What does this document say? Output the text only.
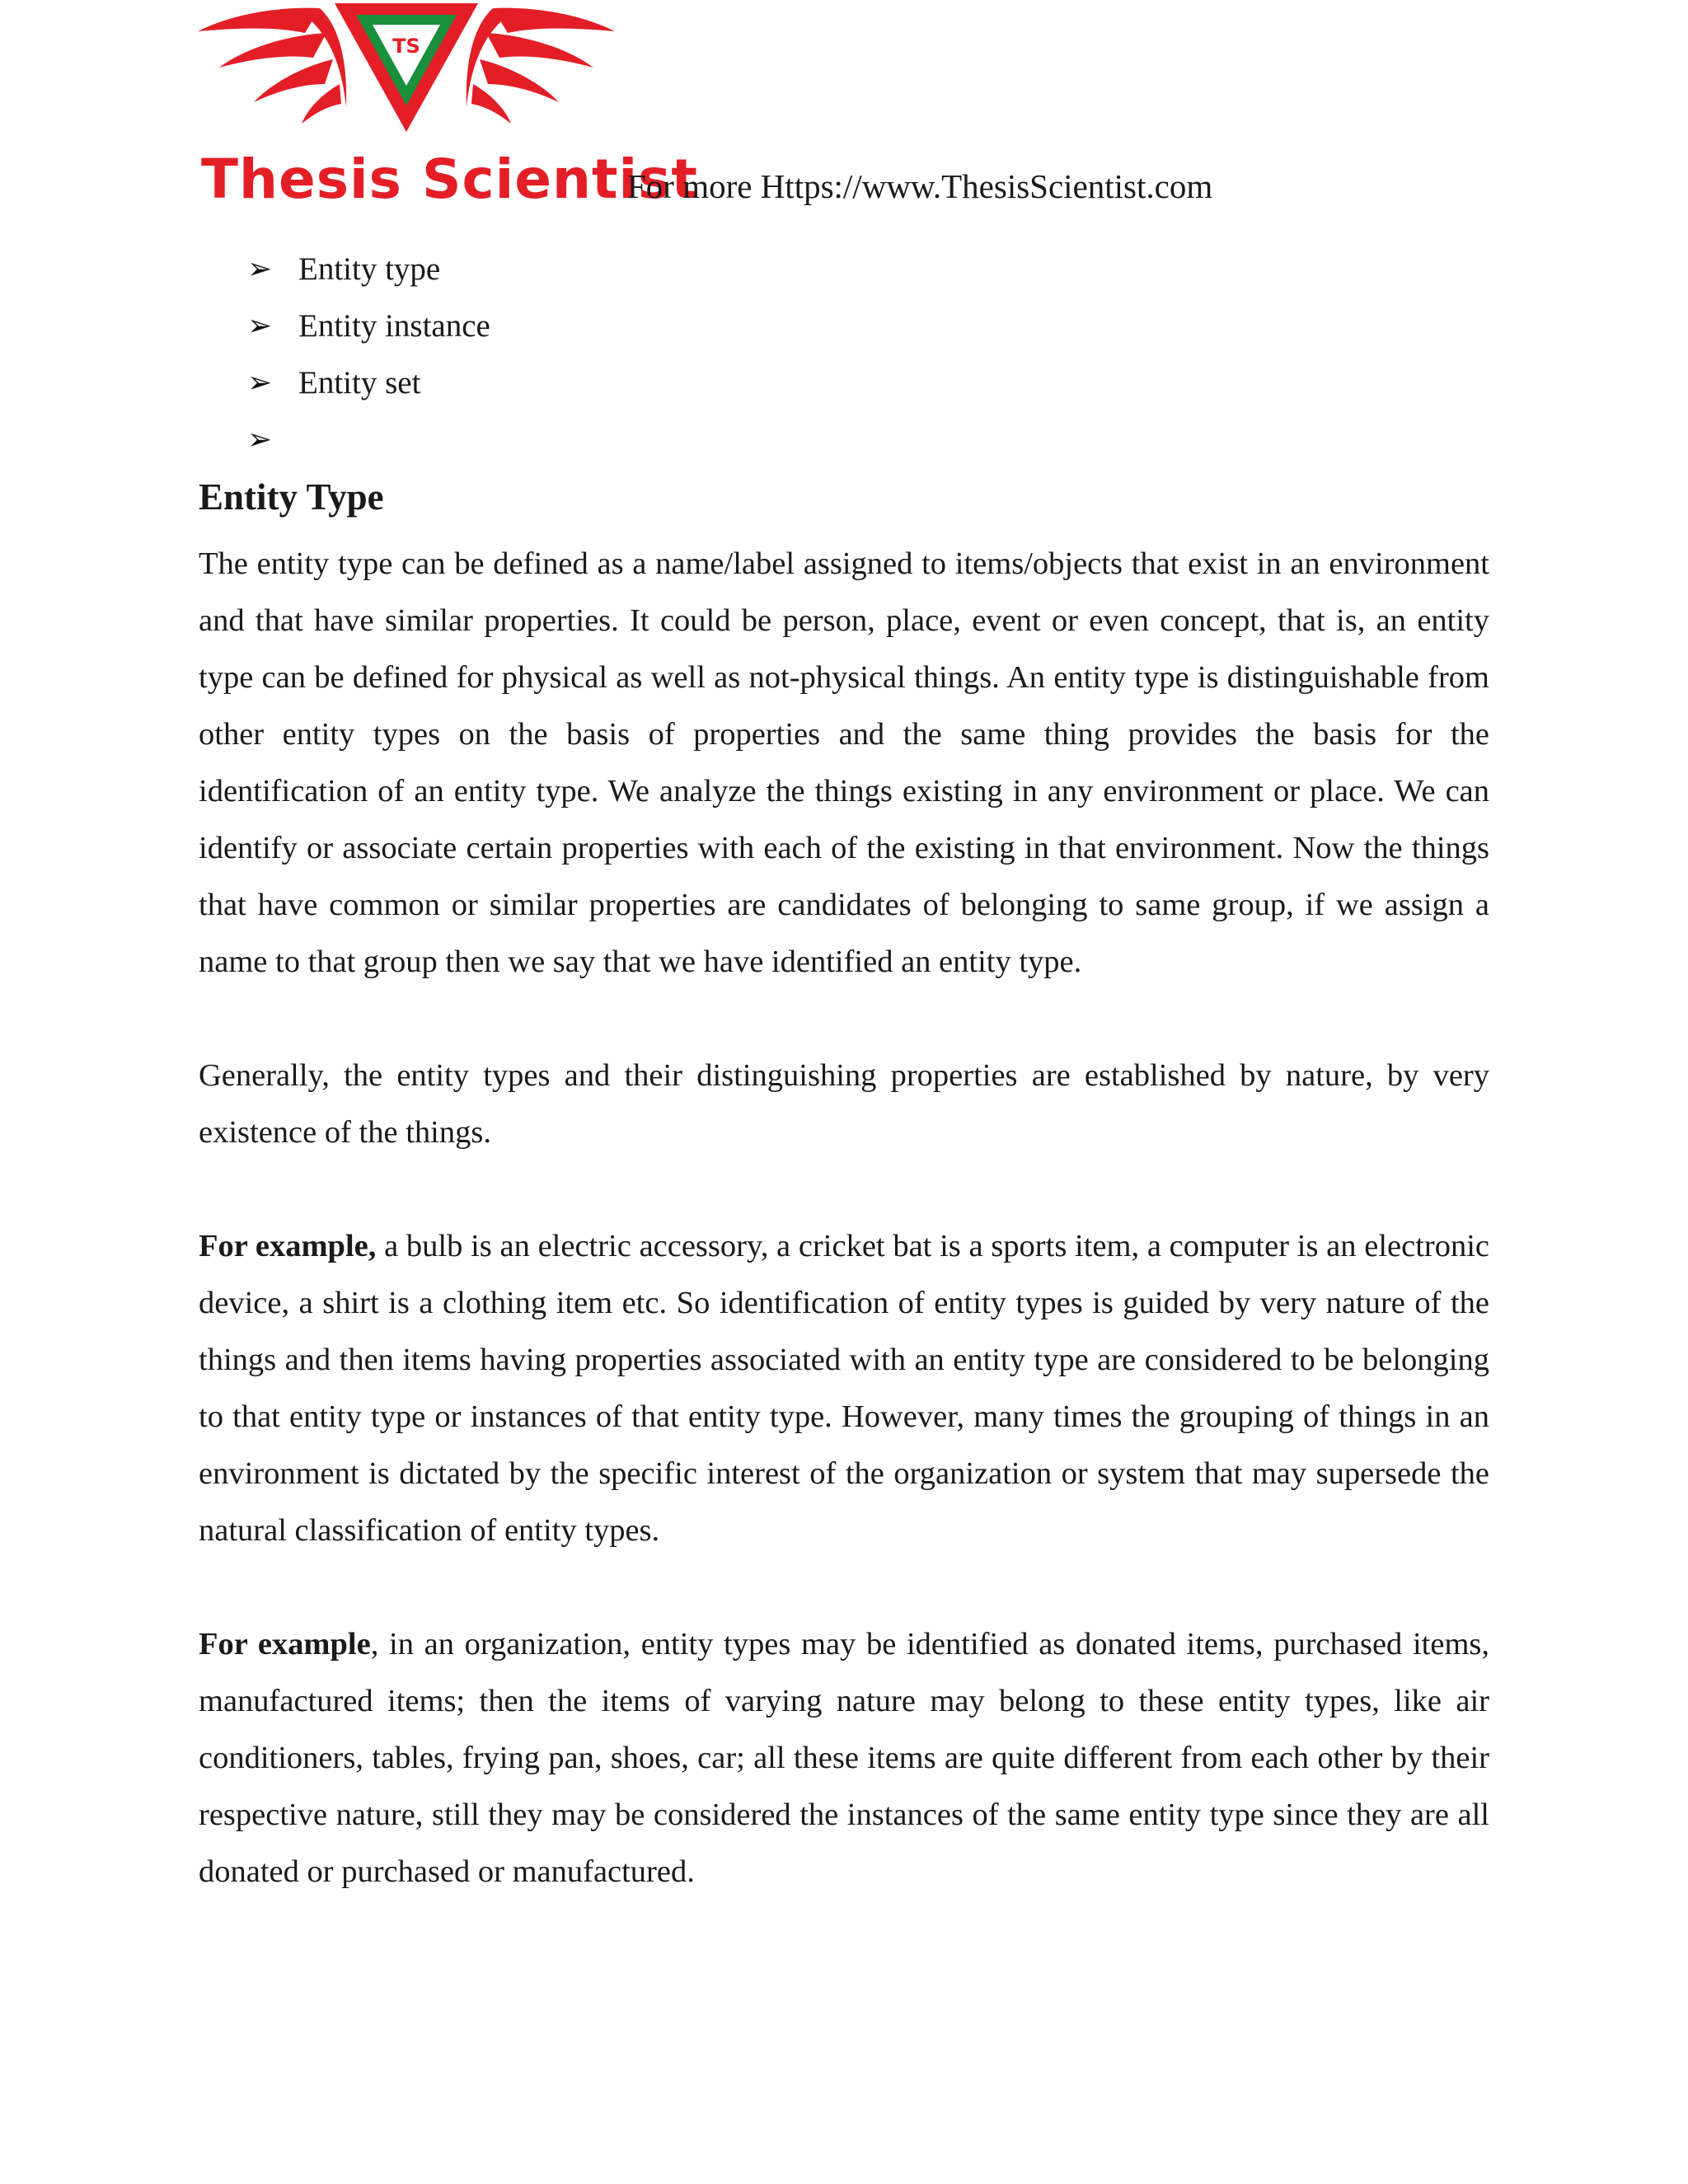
TS
Thesis Scientist
For more Https://www.ThesisScientist.com
➢ Entity type
➢ Entity instance
➢ Entity set
➢
Entity Type

The entity type can be defined as a name/label assigned to items/objects that exist in an environment and that have similar properties. It could be person, place, event or even concept, that is, an entity type can be defined for physical as well as not-physical things. An entity type is distinguishable from other entity types on the basis of properties and the same thing provides the basis for the identification of an entity type. We analyze the things existing in any environment or place. We can identify or associate certain properties with each of the existing in that environment. Now the things that have common or similar properties are candidates of belonging to same group, if we assign a name to that group then we say that we have identified an entity type.

Generally, the entity types and their distinguishing properties are established by nature, by very existence of the things.

For example, a bulb is an electric accessory, a cricket bat is a sports item, a computer is an electronic device, a shirt is a clothing item etc. So identification of entity types is guided by very nature of the things and then items having properties associated with an entity type are considered to be belonging to that entity type or instances of that entity type. However, many times the grouping of things in an environment is dictated by the specific interest of the organization or system that may supersede the natural classification of entity types.

For example, in an organization, entity types may be identified as donated items, purchased items, manufactured items; then the items of varying nature may belong to these entity types, like air conditioners, tables, frying pan, shoes, car; all these items are quite different from each other by their respective nature, still they may be considered the instances of the same entity type since they are all donated or purchased or manufactured.
